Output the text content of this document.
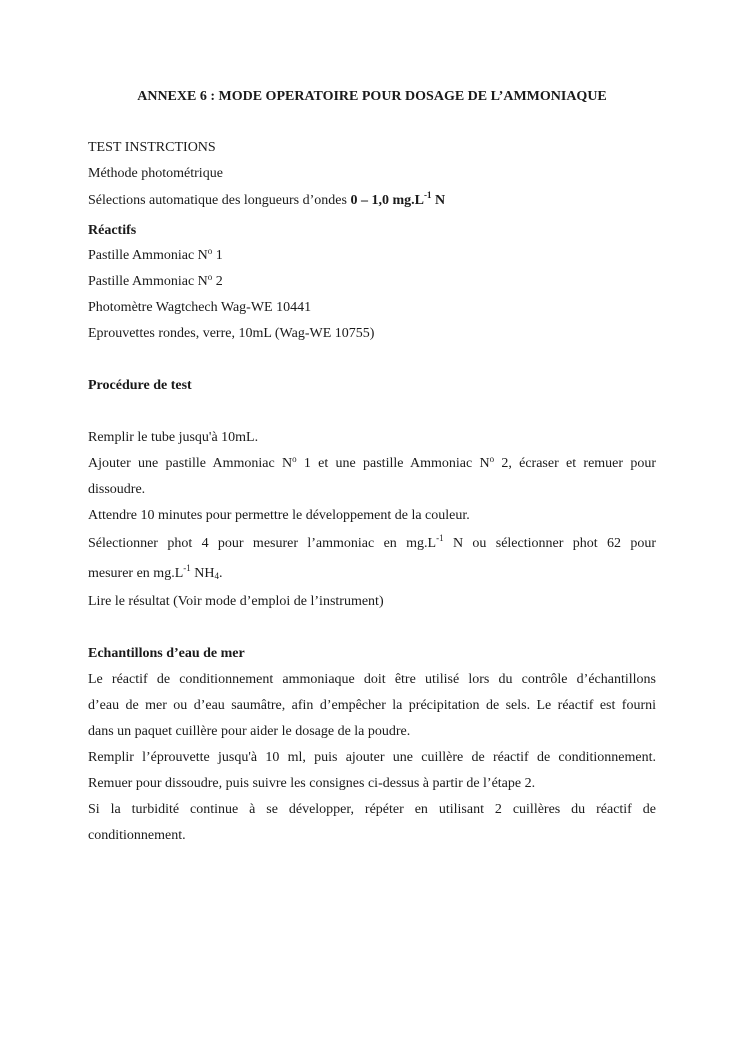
ANNEXE 6 : MODE OPERATOIRE POUR DOSAGE DE L’AMMONIAQUE
TEST INSTRCTIONS
Méthode photométrique
Sélections automatique des longueurs d’ondes 0 – 1,0 $mg.L^{-1}$ N
Réactifs
Pastille Ammoniac $N^o$ 1
Pastille Ammoniac $N^o$ 2
Photomètre Wagtchech Wag-WE 10441
Eprouvettes rondes, verre, 10mL (Wag-WE 10755)
Procédure de test
Remplir le tube jusqu'à 10mL.
Ajouter une pastille Ammoniac $N^o$ 1 et une pastille Ammoniac $N^o$ 2, écraser et remuer pour
dissoudre.
Attendre 10 minutes pour permettre le développement de la couleur.
Sélectionner phot 4 pour mesurer l’ammoniac en $mg.L^{-1}$ N ou sélectionner phot 62 pour
mesurer en $mg.L^{-1}$ $NH_4$.
Lire le résultat (Voir mode d’emploi de l’instrument)
Echantillons d’eau de mer
Le réactif de conditionnement ammoniaque doit être utilisé lors du contrôle d’échantillons
d’eau de mer ou d’eau saumâtre, afin d’empêcher la précipitation de sels. Le réactif est fourni
dans un paquet cuillère pour aider le dosage de la poudre.
Remplir l’éprouvette jusqu'à 10 ml, puis ajouter une cuillère de réactif de conditionnement.
Remuer pour dissoudre, puis suivre les consignes ci-dessus à partir de l’étape 2.
Si la turbidité continue à se développer, répéter en utilisant 2 cuillères du réactif de
conditionnement.
